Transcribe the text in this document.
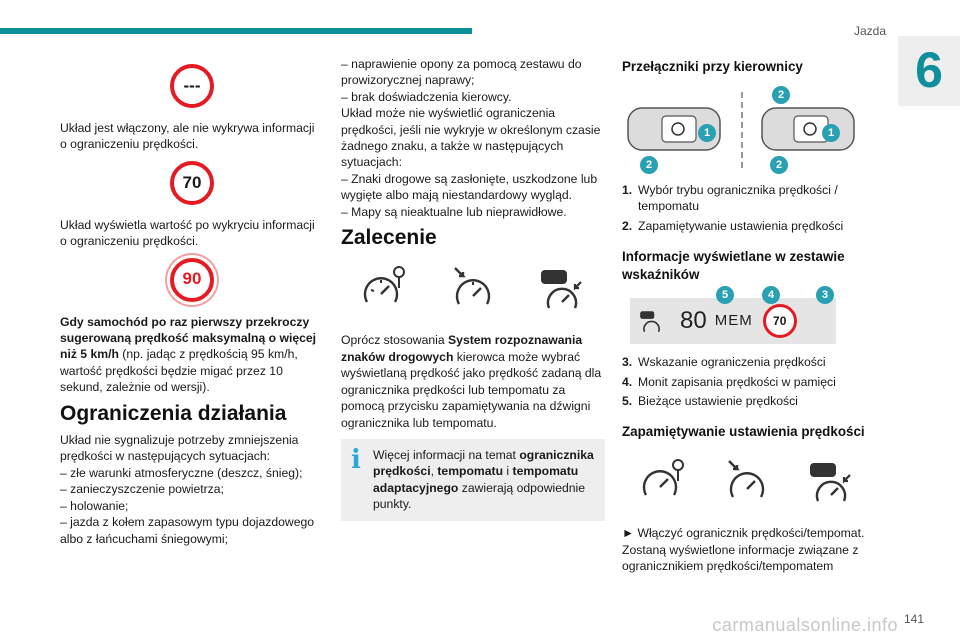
Jazda
6
---
Układ jest włączony, ale nie wykrywa informacji o ograniczeniu prędkości.
70
Układ wyświetla wartość po wykryciu informacji o ograniczeniu prędkości.
90
Gdy samochód po raz pierwszy przekroczy sugerowaną prędkość maksymalną o więcej niż 5 km/h (np. jadąc z prędkością 95 km/h, wartość prędkości będzie migać przez 10 sekund, zależnie od wersji).
Ograniczenia działania
Układ nie sygnalizuje potrzeby zmniejszenia prędkości w następujących sytuacjach:
– złe warunki atmosferyczne (deszcz, śnieg);
– zanieczyszczenie powietrza;
– holowanie;
– jazda z kołem zapasowym typu dojazdowego albo z łańcuchami śniegowymi;
– naprawienie opony za pomocą zestawu do prowizorycznej naprawy;
– brak doświadczenia kierowcy.
Układ może nie wyświetlić ograniczenia prędkości, jeśli nie wykryje w określonym czasie żadnego znaku, a także w następujących sytuacjach:
– Znaki drogowe są zasłonięte, uszkodzone lub wygięte albo mają niestandardowy wygląd.
– Mapy są nieaktualne lub nieprawidłowe.
Zalecenie
Oprócz stosowania System rozpoznawania znaków drogowych kierowca może wybrać wyświetlaną prędkość jako prędkość zadaną dla ogranicznika prędkości lub tempomatu za pomocą przycisku zapamiętywania na dźwigni ogranicznika lub tempomatu.
i Więcej informacji na temat ogranicznika prędkości, tempomatu i tempomatu adaptacyjnego zawierają odpowiednie punkty.
Przełączniki przy kierownicy
2
1
2
1
2
1. Wybór trybu ogranicznika prędkości / tempomatu
2. Zapamiętywanie ustawienia prędkości
Informacje wyświetlane w zestawie wskaźników
80 MEM	70
5	4	3
3. Wskazanie ograniczenia prędkości
4. Monit zapisania prędkości w pamięci
5. Bieżące ustawienie prędkości
Zapamiętywanie ustawienia prędkości
► Włączyć ogranicznik prędkości/tempomat.
Zostaną wyświetlone informacje związane z ogranicznikiem prędkości/tempomatem
carmanualsonline.info 141
